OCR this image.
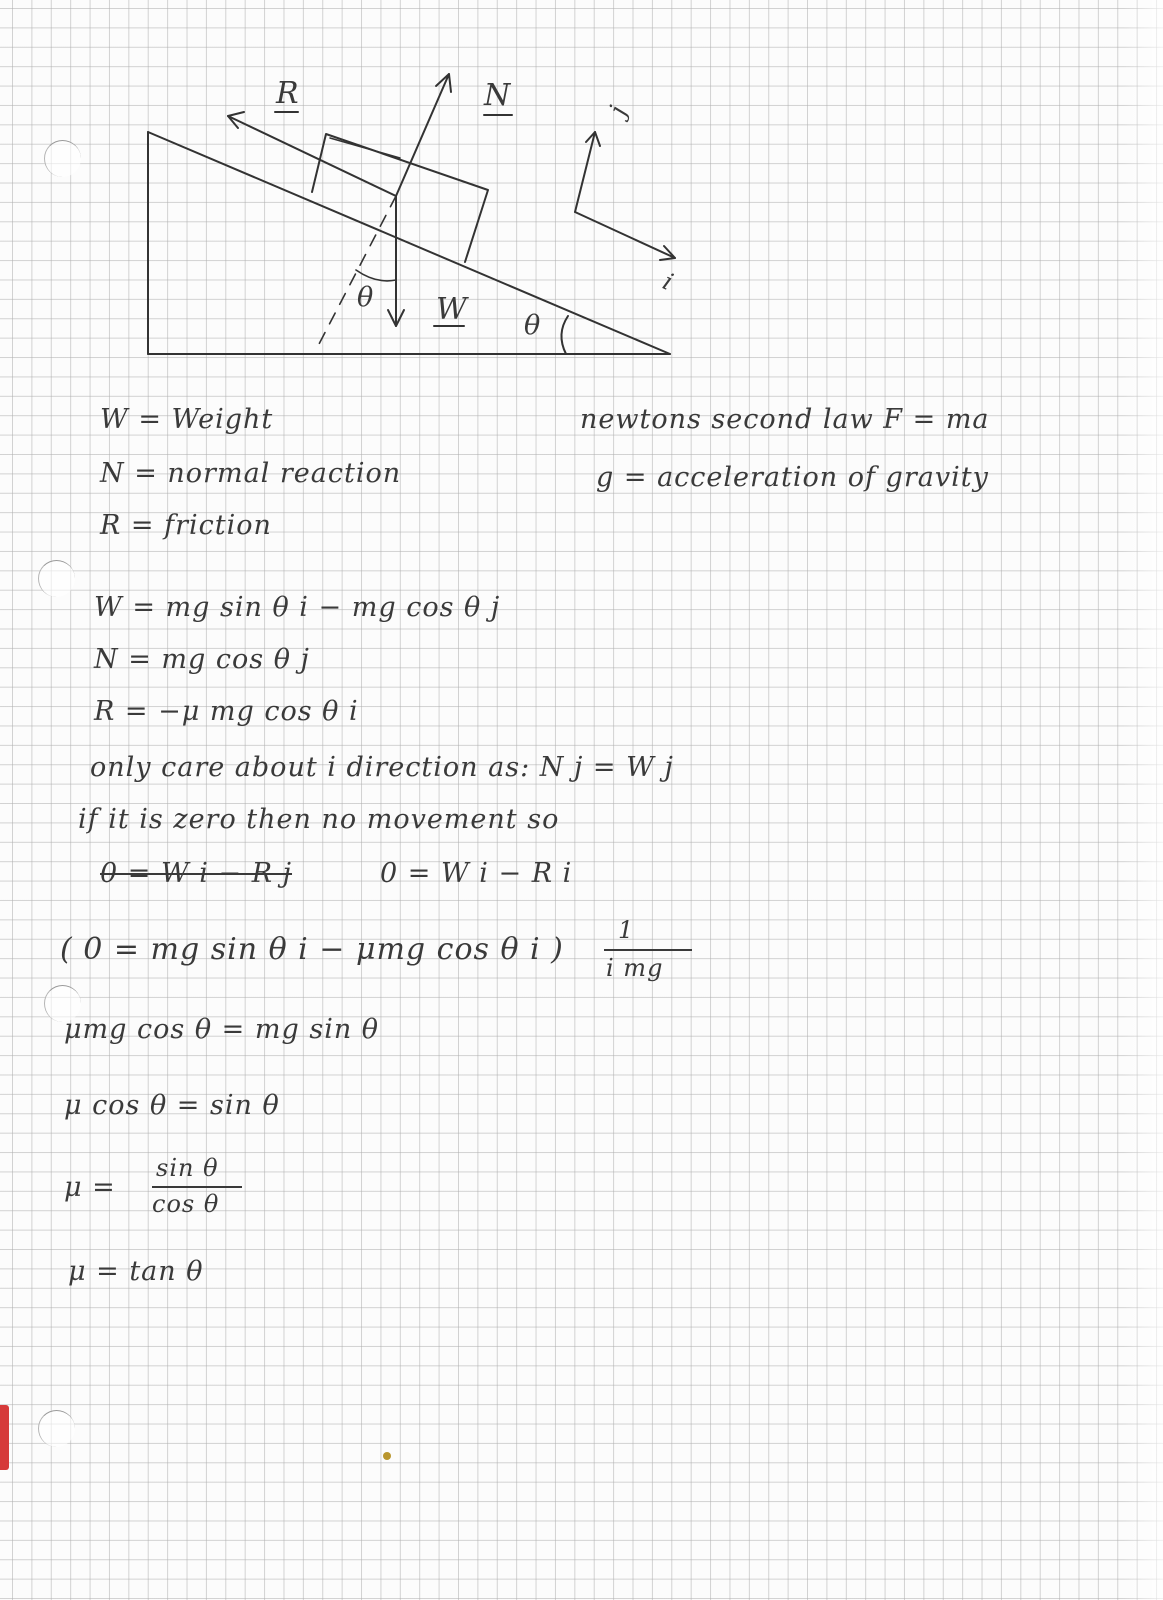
R	N
W
θ
θ
j
i
W = Weight
N = normal reaction
R = friction
newtons second law F = ma
g = acceleration of gravity
W = mg sin θ i − mg cos θ j
N = mg cos θ j
R = −μ mg cos θ i
only care about i direction as: N j = W j
if it is zero then no movement so
0 = W i − R j	0 = W i − R i
( 0 = mg sin θ i − μmg cos θ i )
1
i mg
μmg cos θ = mg sin θ
μ cos θ = sin θ
μ =
sin θ
cos θ
μ = tan θ
